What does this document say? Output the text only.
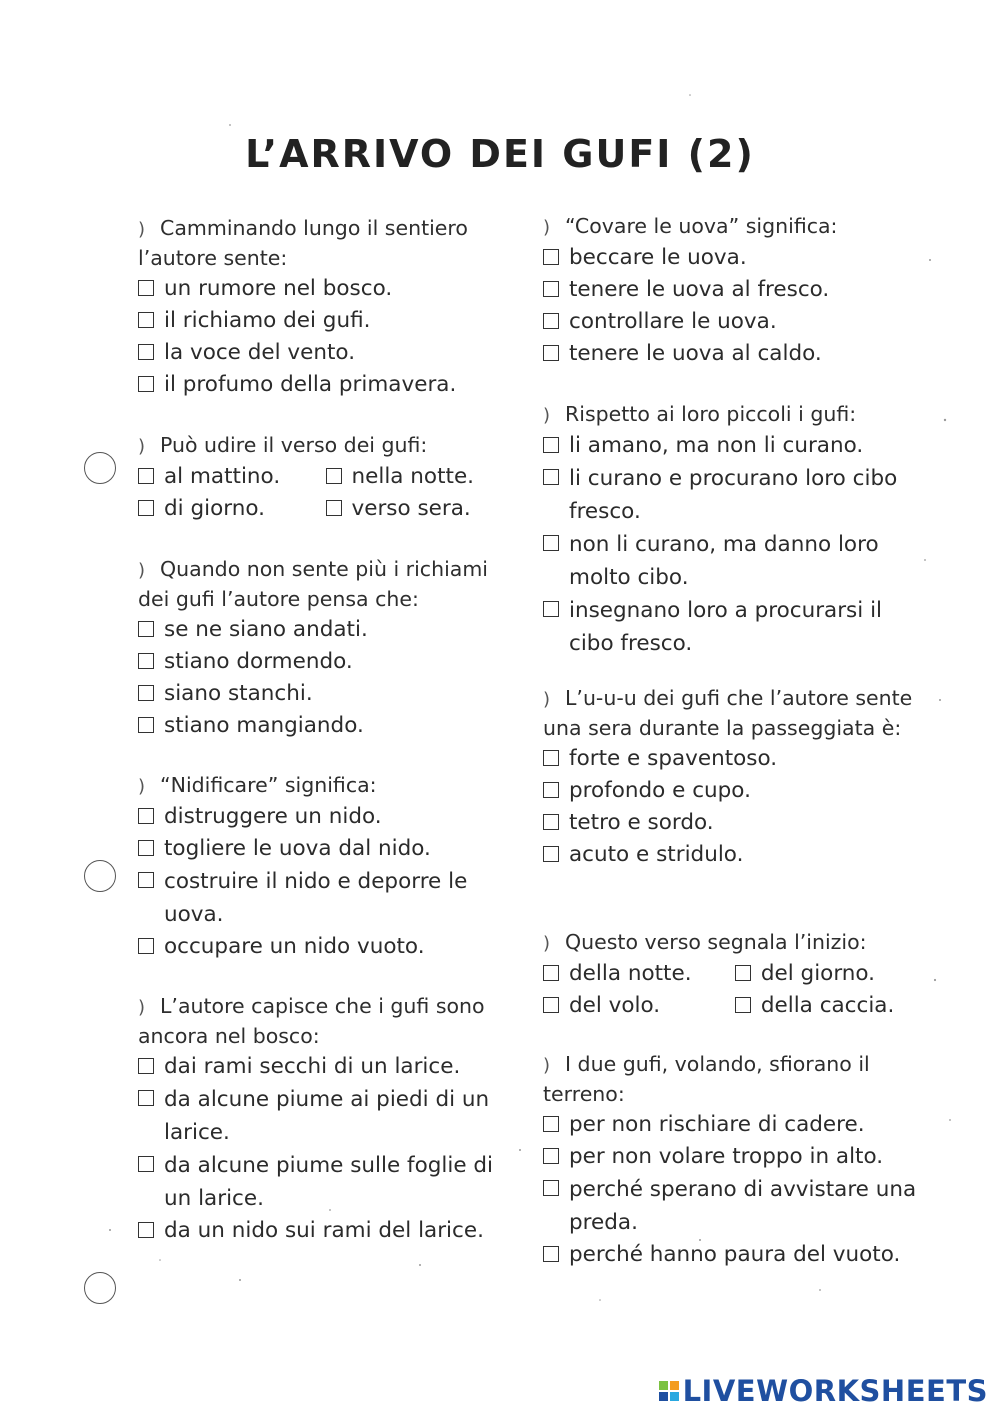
L’ARRIVO DEI GUFI (2)
) Camminando lungo il sentiero l’autore sente:
un rumore nel bosco.
il richiamo dei gufi.
la voce del vento.
il profumo della primavera.
) Può udire il verso dei gufi:
al mattino.	nella notte.
di giorno.	verso sera.
) Quando non sente più i richiami dei gufi l’autore pensa che:
se ne siano andati.
stiano dormendo.
siano stanchi.
stiano mangiando.
) “Nidificare” significa:
distruggere un nido.
togliere le uova dal nido.
costruire il nido e deporre le uova.
occupare un nido vuoto.
) L’autore capisce che i gufi sono ancora nel bosco:
dai rami secchi di un larice.
da alcune piume ai piedi di un larice.
da alcune piume sulle foglie di un larice.
da un nido sui rami del larice.
) “Covare le uova” significa:
beccare le uova.
tenere le uova al fresco.
controllare le uova.
tenere le uova al caldo.
) Rispetto ai loro piccoli i gufi:
li amano, ma non li curano.
li curano e procurano loro cibo fresco.
non li curano, ma danno loro molto cibo.
insegnano loro a procurarsi il cibo fresco.
) L’u-u-u dei gufi che l’autore sente una sera durante la passeggiata è:
forte e spaventoso.
profondo e cupo.
tetro e sordo.
acuto e stridulo.
) Questo verso segnala l’inizio:
della notte.	del giorno.
del volo.	della caccia.
) I due gufi, volando, sfiorano il terreno:
per non rischiare di cadere.
per non volare troppo in alto.
perché sperano di avvistare una preda.
perché hanno paura del vuoto.
LIVEWORKSHEETS
